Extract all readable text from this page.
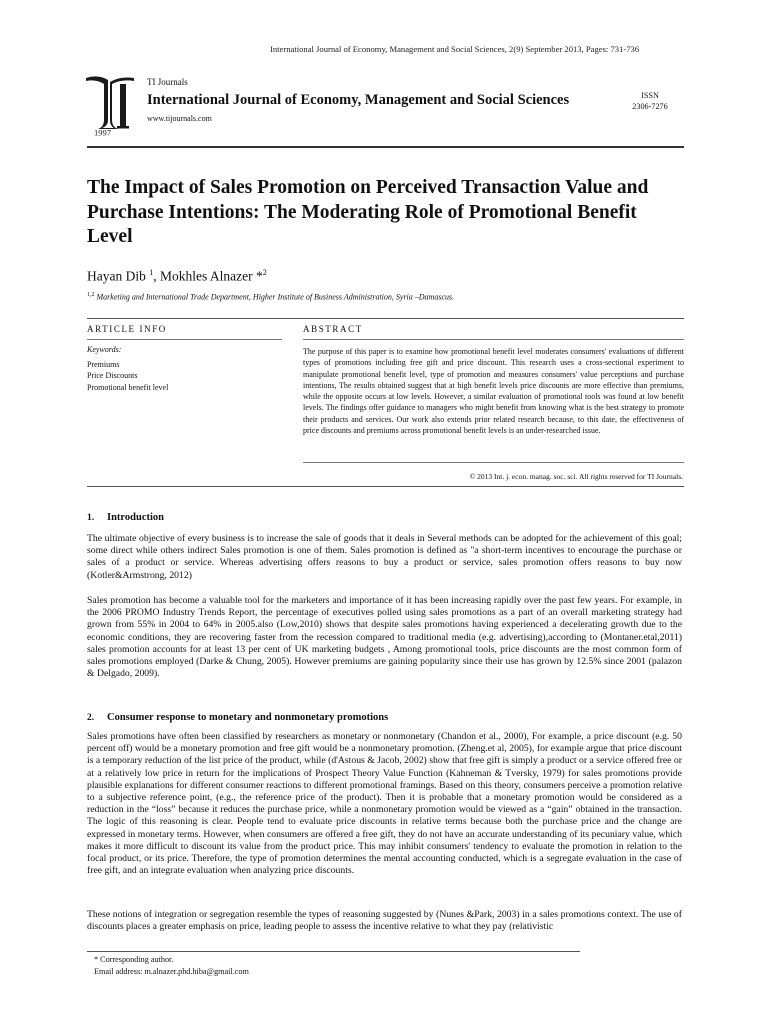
International Journal of Economy, Management and Social Sciences, 2(9) September 2013, Pages: 731-736
1997
TI Journals
International Journal of Economy, Management and Social Sciences
www.tijournals.com
ISSN
2306-7276
The Impact of Sales Promotion on Perceived Transaction Value and Purchase Intentions: The Moderating Role of Promotional Benefit Level
Hayan Dib $^1$, Mokhles Alnazer *$^2$
$^{1,2}$ Marketing and International Trade Department, Higher Institute of Business Administration, Syria –Damascus.
ARTICLE INFO	ABSTRACT
Keywords:
Premiums
Price Discounts
Promotional benefit level
The purpose of this paper is to examine how promotional benefit level moderates consumers' evaluations of different types of promotions including free gift and price discount. This research uses a cross-sectional experiment to manipulate promotional benefit level, type of promotion and measures consumers' value perceptions and purchase intentions, The results obtained suggest that at high benefit levels price discounts are more effective than premiums, while the opposite occurs at low levels. However, a similar evaluation of promotional tools was found at low benefit levels. The findings offer guidance to managers who might benefit from knowing what is the best strategy to promote their products and services. Our work also extends prior related research because, to this date, the effectiveness of price discounts and premiums across promotional benefit levels is an under-researched issue.
© 2013 Int. j. econ. manag. soc. sci. All rights reserved for TI Journals.
1. Introduction

The ultimate objective of every business is to increase the sale of goods that it deals in Several methods can be adopted for the achievement of this goal; some direct while others indirect Sales promotion is one of them. Sales promotion is defined as "a short-term incentives to encourage the purchase or sales of a product or service. Whereas advertising offers reasons to buy a product or service, sales promotion offers reasons to buy now (Kotler&Armstrong, 2012)

Sales promotion has become a valuable tool for the marketers and importance of it has been increasing rapidly over the past few years. For example, in the 2006 PROMO Industry Trends Report, the percentage of executives polled using sales promotions as a part of an overall marketing strategy had grown from 55% in 2004 to 64% in 2005.also (Low,2010) shows that despite sales promotions having experienced a decelerating growth due to the economic conditions, they are recovering faster from the recession compared to traditional media (e.g. advertising),according to (Montaner.etal,2011) sales promotion accounts for at least 13 per cent of UK marketing budgets , Among promotional tools, price discounts are the most common form of sales promotions employed (Darke & Chung, 2005). However premiums are gaining popularity since their use has grown by 12.5% since 2001 (palazon & Delgado, 2009).

2. Consumer response to monetary and nonmonetary promotions

Sales promotions have often been classified by researchers as monetary or nonmonetary (Chandon et al., 2000), For example, a price discount (e.g. 50 percent off) would be a monetary promotion and free gift would be a nonmonetary promotion. (Zheng.et al, 2005), for example argue that price discount is a temporary reduction of the list price of the product, while (d'Astous & Jacob, 2002) show that free gift is simply a product or a service offered free or at a relatively low price in return for the implications of Prospect Theory Value Function (Kahneman & Tversky, 1979) for sales promotions provide plausible explanations for different consumer reactions to different promotional framings. Based on this theory, consumers perceive a promotion relative to a subjective reference point, (e.g., the reference price of the product). Then it is probable that a monetary promotion would be considered as a reduction in the “loss” because it reduces the purchase price, while a nonmonetary promotion would be viewed as a “gain” obtained in the transaction. The logic of this reasoning is clear. People tend to evaluate price discounts in relative terms because both the purchase price and the change are expressed in monetary terms. However, when consumers are offered a free gift, they do not have an accurate understanding of its pecuniary value, which makes it more difficult to discount its value from the product price. This may inhibit consumers' tendency to evaluate the promotion in relation to the focal product, or its price. Therefore, the type of promotion determines the mental accounting conducted, which is a segregate evaluation in the case of free gift, and an integrate evaluation when analyzing price discounts.

These notions of integration or segregation resemble the types of reasoning suggested by (Nunes &Park, 2003) in a sales promotions context. The use of discounts places a greater emphasis on price, leading people to assess the incentive relative to what they pay (relativistic

* Corresponding author.
Email address: m.alnazer.phd.hiba@gmail.com
